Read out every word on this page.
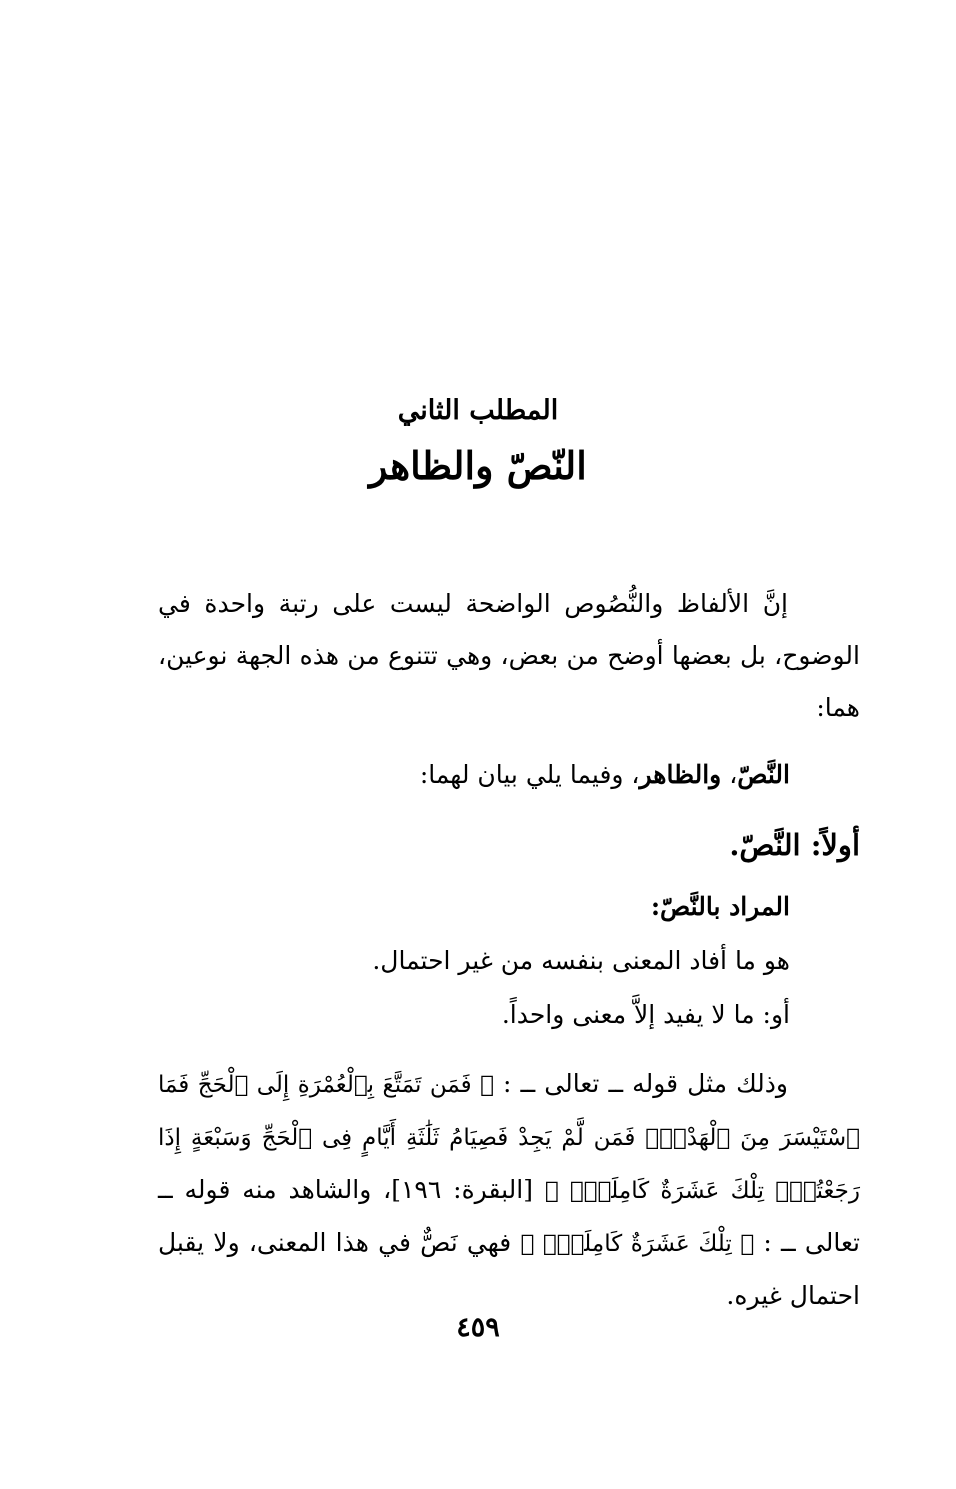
المطلب الثاني
النّصّ والظاهر
إنَّ الألفاظ والنُّصُوص الواضحة ليست على رتبة واحدة في الوضوح، بل بعضها أوضح من بعض، وهي تتنوع من هذه الجهة نوعين، هما:
النَّصّ، والظاهر، وفيما يلي بيان لهما:
أولاً: النَّصّ.
المراد بالنَّصّ:
هو ما أفاد المعنى بنفسه من غير احتمال.
أو: ما لا يفيد إلاَّ معنى واحداً.
وذلك مثل قوله ــ تعالى ــ : ﴿ فَمَن تَمَتَّعَ بِٱلْعُمْرَةِ إِلَى ٱلْحَجِّ فَمَا ٱسْتَيْسَرَ مِنَ ٱلْهَدْيِۚ فَمَن لَّمْ يَجِدْ فَصِيَامُ ثَلَٰثَةِ أَيَّامٍ فِى ٱلْحَجِّ وَسَبْعَةٍ إِذَا رَجَعْتُمْۗ تِلْكَ عَشَرَةٌ كَامِلَةٌۗ ﴾ [البقرة: ١٩٦]، والشاهد منه قوله ــ تعالى ــ : ﴿ تِلْكَ عَشَرَةٌ كَامِلَةٌۗ ﴾ فهي نَصٌّ في هذا المعنى، ولا يقبل احتمال غيره.
٤٥٩
